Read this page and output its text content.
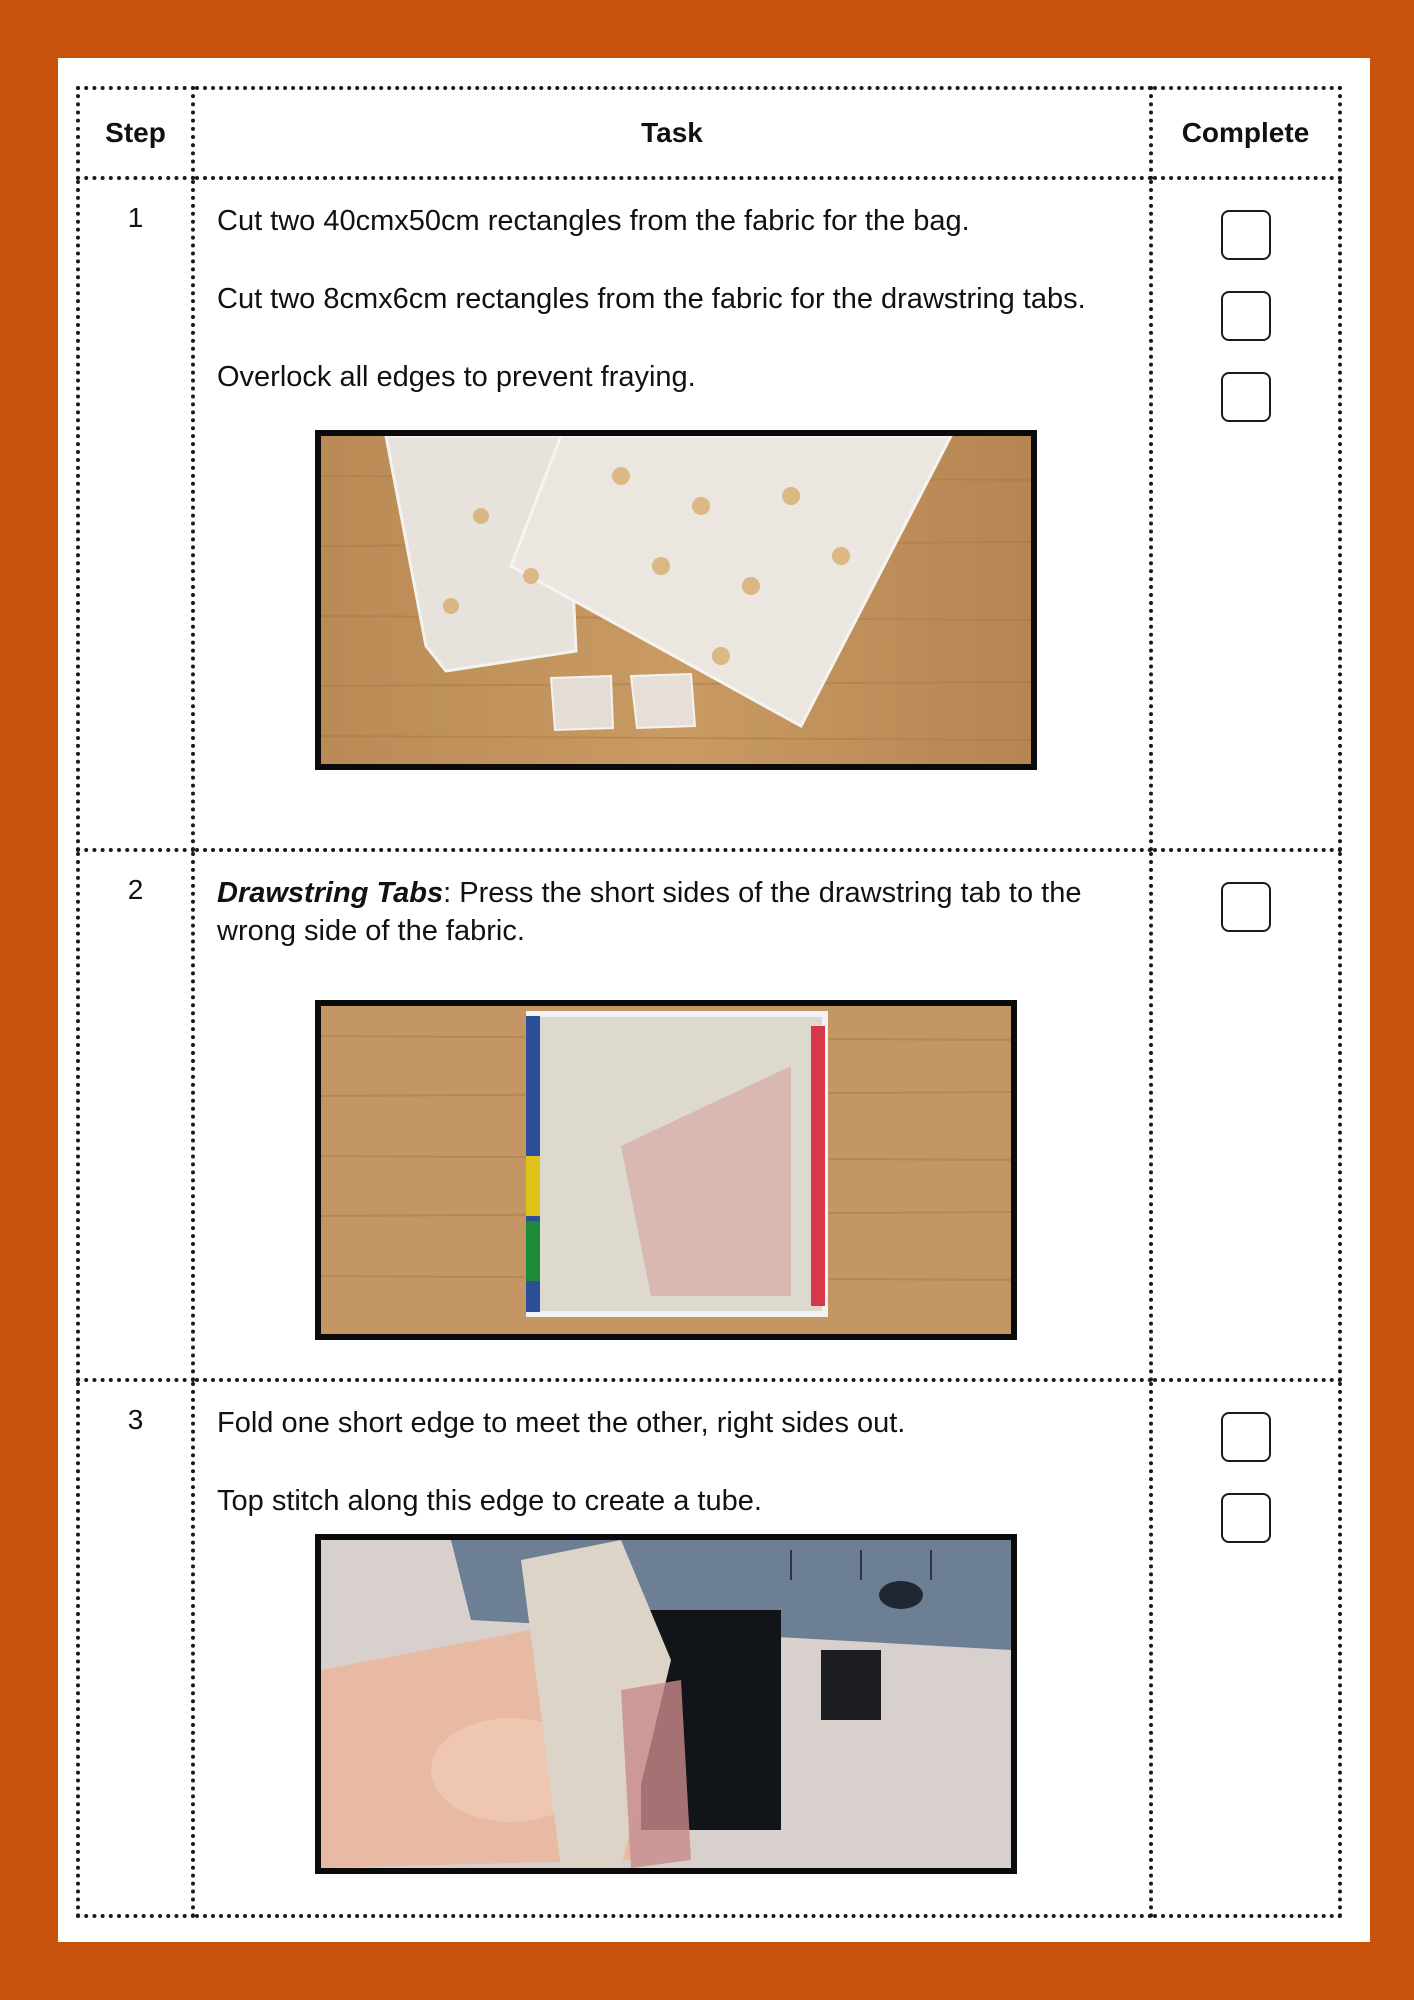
Step	Task	Complete
1	Cut two 40cmx50cm rectangles from the fabric for the bag.

Cut two 8cmx6cm rectangles from the fabric for the drawstring tabs.

Overlock all edges to prevent fraying.	

2	Drawstring Tabs: Press the short sides of the drawstring tab to the wrong side of the fabric.	

3	Fold one short edge to meet the other, right sides out.

Top stitch along this edge to create a tube.	
